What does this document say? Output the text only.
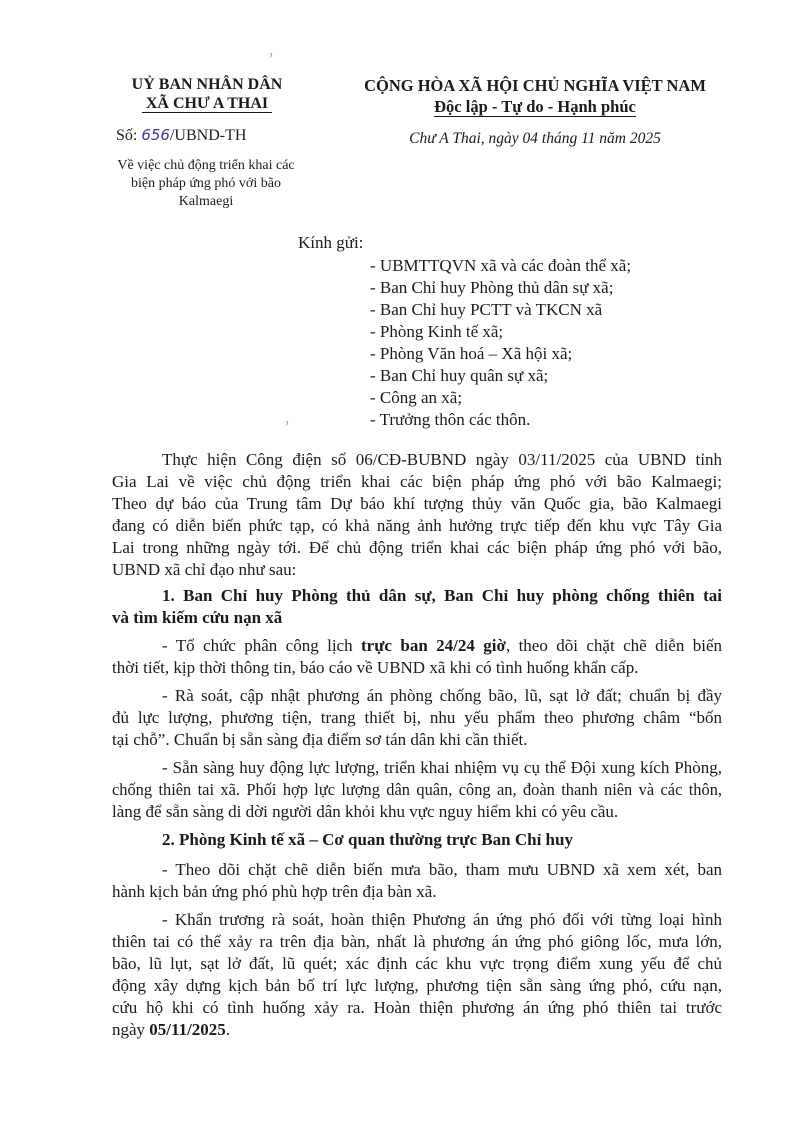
ˀ
ˀ
UỶ BAN NHÂN DÂN
XÃ CHƯ A THAI
Số: 656/UBND-TH
Về việc chủ động triển khai các
biện pháp ứng phó với bão
Kalmaegi
CỘNG HÒA XÃ HỘI CHỦ NGHĨA VIỆT NAM
Độc lập - Tự do - Hạnh phúc
Chư A Thai, ngày 04 tháng 11 năm 2025
Kính gửi:
- UBMTTQVN xã và các đoàn thể xã;
- Ban Chỉ huy Phòng thủ dân sự xã;
- Ban Chỉ huy PCTT và TKCN xã
- Phòng Kinh tế xã;
- Phòng Văn hoá – Xã hội xã;
- Ban Chỉ huy quân sự xã;
- Công an xã;
- Trưởng thôn các thôn.
Thực hiện Công điện số 06/CĐ-BUBND ngày 03/11/2025 của UBND tỉnh
Gia Lai về việc chủ động triển khai các biện pháp ứng phó với bão Kalmaegi;
Theo dự báo của Trung tâm Dự báo khí tượng thủy văn Quốc gia, bão Kalmaegi
đang có diễn biến phức tạp, có khả năng ảnh hưởng trực tiếp đến khu vực Tây Gia
Lai trong những ngày tới. Để chủ động triển khai các biện pháp ứng phó với bão,
UBND xã chỉ đạo như sau:
1. Ban Chỉ huy Phòng thủ dân sự, Ban Chỉ huy phòng chống thiên tai
và tìm kiếm cứu nạn xã
- Tổ chức phân công lịch trực ban 24/24 giờ, theo dõi chặt chẽ diễn biến
thời tiết, kịp thời thông tin, báo cáo về UBND xã khi có tình huống khẩn cấp.
- Rà soát, cập nhật phương án phòng chống bão, lũ, sạt lở đất; chuẩn bị đầy
đủ lực lượng, phương tiện, trang thiết bị, nhu yếu phẩm theo phương châm “bốn
tại chỗ”. Chuẩn bị sẵn sàng địa điểm sơ tán dân khi cần thiết.
- Sẵn sàng huy động lực lượng, triển khai nhiệm vụ cụ thể Đội xung kích Phòng,
chống thiên tai xã. Phối hợp lực lượng dân quân, công an, đoàn thanh niên và các thôn,
làng để sẵn sàng di dời người dân khỏi khu vực nguy hiểm khi có yêu cầu.
2. Phòng Kinh tế xã – Cơ quan thường trực Ban Chỉ huy
- Theo dõi chặt chẽ diễn biến mưa bão, tham mưu UBND xã xem xét, ban
hành kịch bản ứng phó phù hợp trên địa bàn xã.
- Khẩn trương rà soát, hoàn thiện Phương án ứng phó đối với từng loại hình
thiên tai có thể xảy ra trên địa bàn, nhất là phương án ứng phó giông lốc, mưa lớn,
bão, lũ lụt, sạt lở đất, lũ quét; xác định các khu vực trọng điểm xung yếu để chủ
động xây dựng kịch bản bố trí lực lượng, phương tiện sẵn sàng ứng phó, cứu nạn,
cứu hộ khi có tình huống xảy ra. Hoàn thiện phương án ứng phó thiên tai trước
ngày 05/11/2025.
